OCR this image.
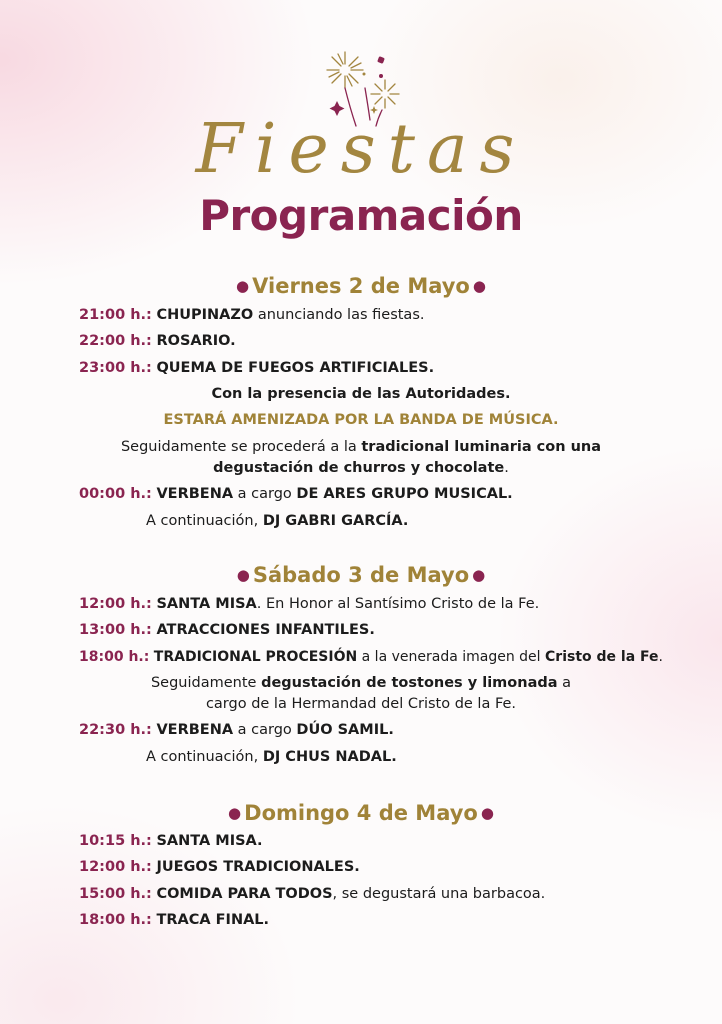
Fiestas
Programación
● Viernes 2 de Mayo ●
21:00 h.: CHUPINAZO anunciando las fiestas.
22:00 h.: ROSARIO.
23:00 h.: QUEMA DE FUEGOS ARTIFICIALES.
Con la presencia de las Autoridades.
ESTARÁ AMENIZADA POR LA BANDA DE MÚSICA.
Seguidamente se procederá a la tradicional luminaria con una
degustación de churros y chocolate.
00:00 h.: VERBENA a cargo DE ARES GRUPO MUSICAL.
A continuación, DJ GABRI GARCÍA.
● Sábado 3 de Mayo ●
12:00 h.: SANTA MISA. En Honor al Santísimo Cristo de la Fe.
13:00 h.: ATRACCIONES INFANTILES.
18:00 h.: TRADICIONAL PROCESIÓN a la venerada imagen del Cristo de la Fe.
Seguidamente degustación de tostones y limonada a
cargo de la Hermandad del Cristo de la Fe.
22:30 h.: VERBENA a cargo DÚO SAMIL.
A continuación, DJ CHUS NADAL.
● Domingo 4 de Mayo ●
10:15 h.: SANTA MISA.
12:00 h.: JUEGOS TRADICIONALES.
15:00 h.: COMIDA PARA TODOS, se degustará una barbacoa.
18:00 h.: TRACA FINAL.
